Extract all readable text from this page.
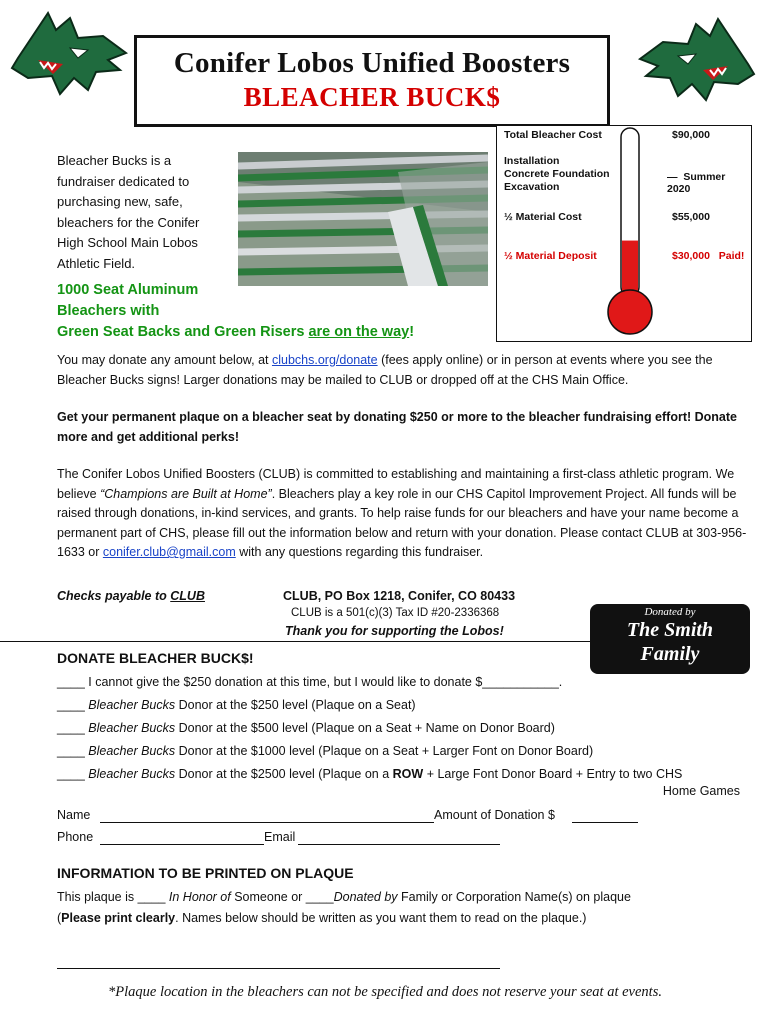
Conifer Lobos Unified Boosters
BLEACHER BUCK$
Bleacher Bucks is a fundraiser dedicated to purchasing new, safe, bleachers for the Conifer High School Main Lobos Athletic Field.
Total Bleacher Cost	$90,000
Installation
Concrete Foundation
Excavation
—  Summer 2020
½ Material Cost	$55,000
½ Material Deposit	$30,000 Paid!
1000 Seat Aluminum
Bleachers with
Green Seat Backs and Green Risers are on the way!
You may donate any amount below, at clubchs.org/donate (fees apply online) or in person at events where you see the Bleacher Bucks signs! Larger donations may be mailed to CLUB or dropped off at the CHS Main Office.
Get your permanent plaque on a bleacher seat by donating $250 or more to the bleacher fundraising effort! Donate more and get additional perks!
The Conifer Lobos Unified Boosters (CLUB) is committed to establishing and maintaining a first-class athletic program. We believe “Champions are Built at Home”. Bleachers play a key role in our CHS Capitol Improvement Project. All funds will be raised through donations, in-kind services, and grants. To help raise funds for our bleachers and have your name become a permanent part of CHS, please fill out the information below and return with your donation. Please contact CLUB at 303-956-1633 or conifer.club@gmail.com with any questions regarding this fundraiser.
Checks payable to CLUB	CLUB, PO Box 1218, Conifer, CO 80433
CLUB is a 501(c)(3) Tax ID #20-2336368
Thank you for supporting the Lobos!
Donated by
The Smith
Family
DONATE BLEACHER BUCK$!
____ I cannot give the $250 donation at this time, but I would like to donate $___________.
____ Bleacher Bucks Donor at the $250 level (Plaque on a Seat)
____ Bleacher Bucks Donor at the $500 level (Plaque on a Seat + Name on Donor Board)
____ Bleacher Bucks Donor at the $1000 level (Plaque on a Seat + Larger Font on Donor Board)
____ Bleacher Bucks Donor at the $2500 level (Plaque on a ROW + Large Font Donor Board + Entry to two CHS
Home Games
Name	Amount of Donation $
Phone	Email
INFORMATION TO BE PRINTED ON PLAQUE
This plaque is ____ In Honor of Someone or ____Donated by Family or Corporation Name(s) on plaque
(Please print clearly. Names below should be written as you want them to read on the plaque.)
*Plaque location in the bleachers can not be specified and does not reserve your seat at events.
